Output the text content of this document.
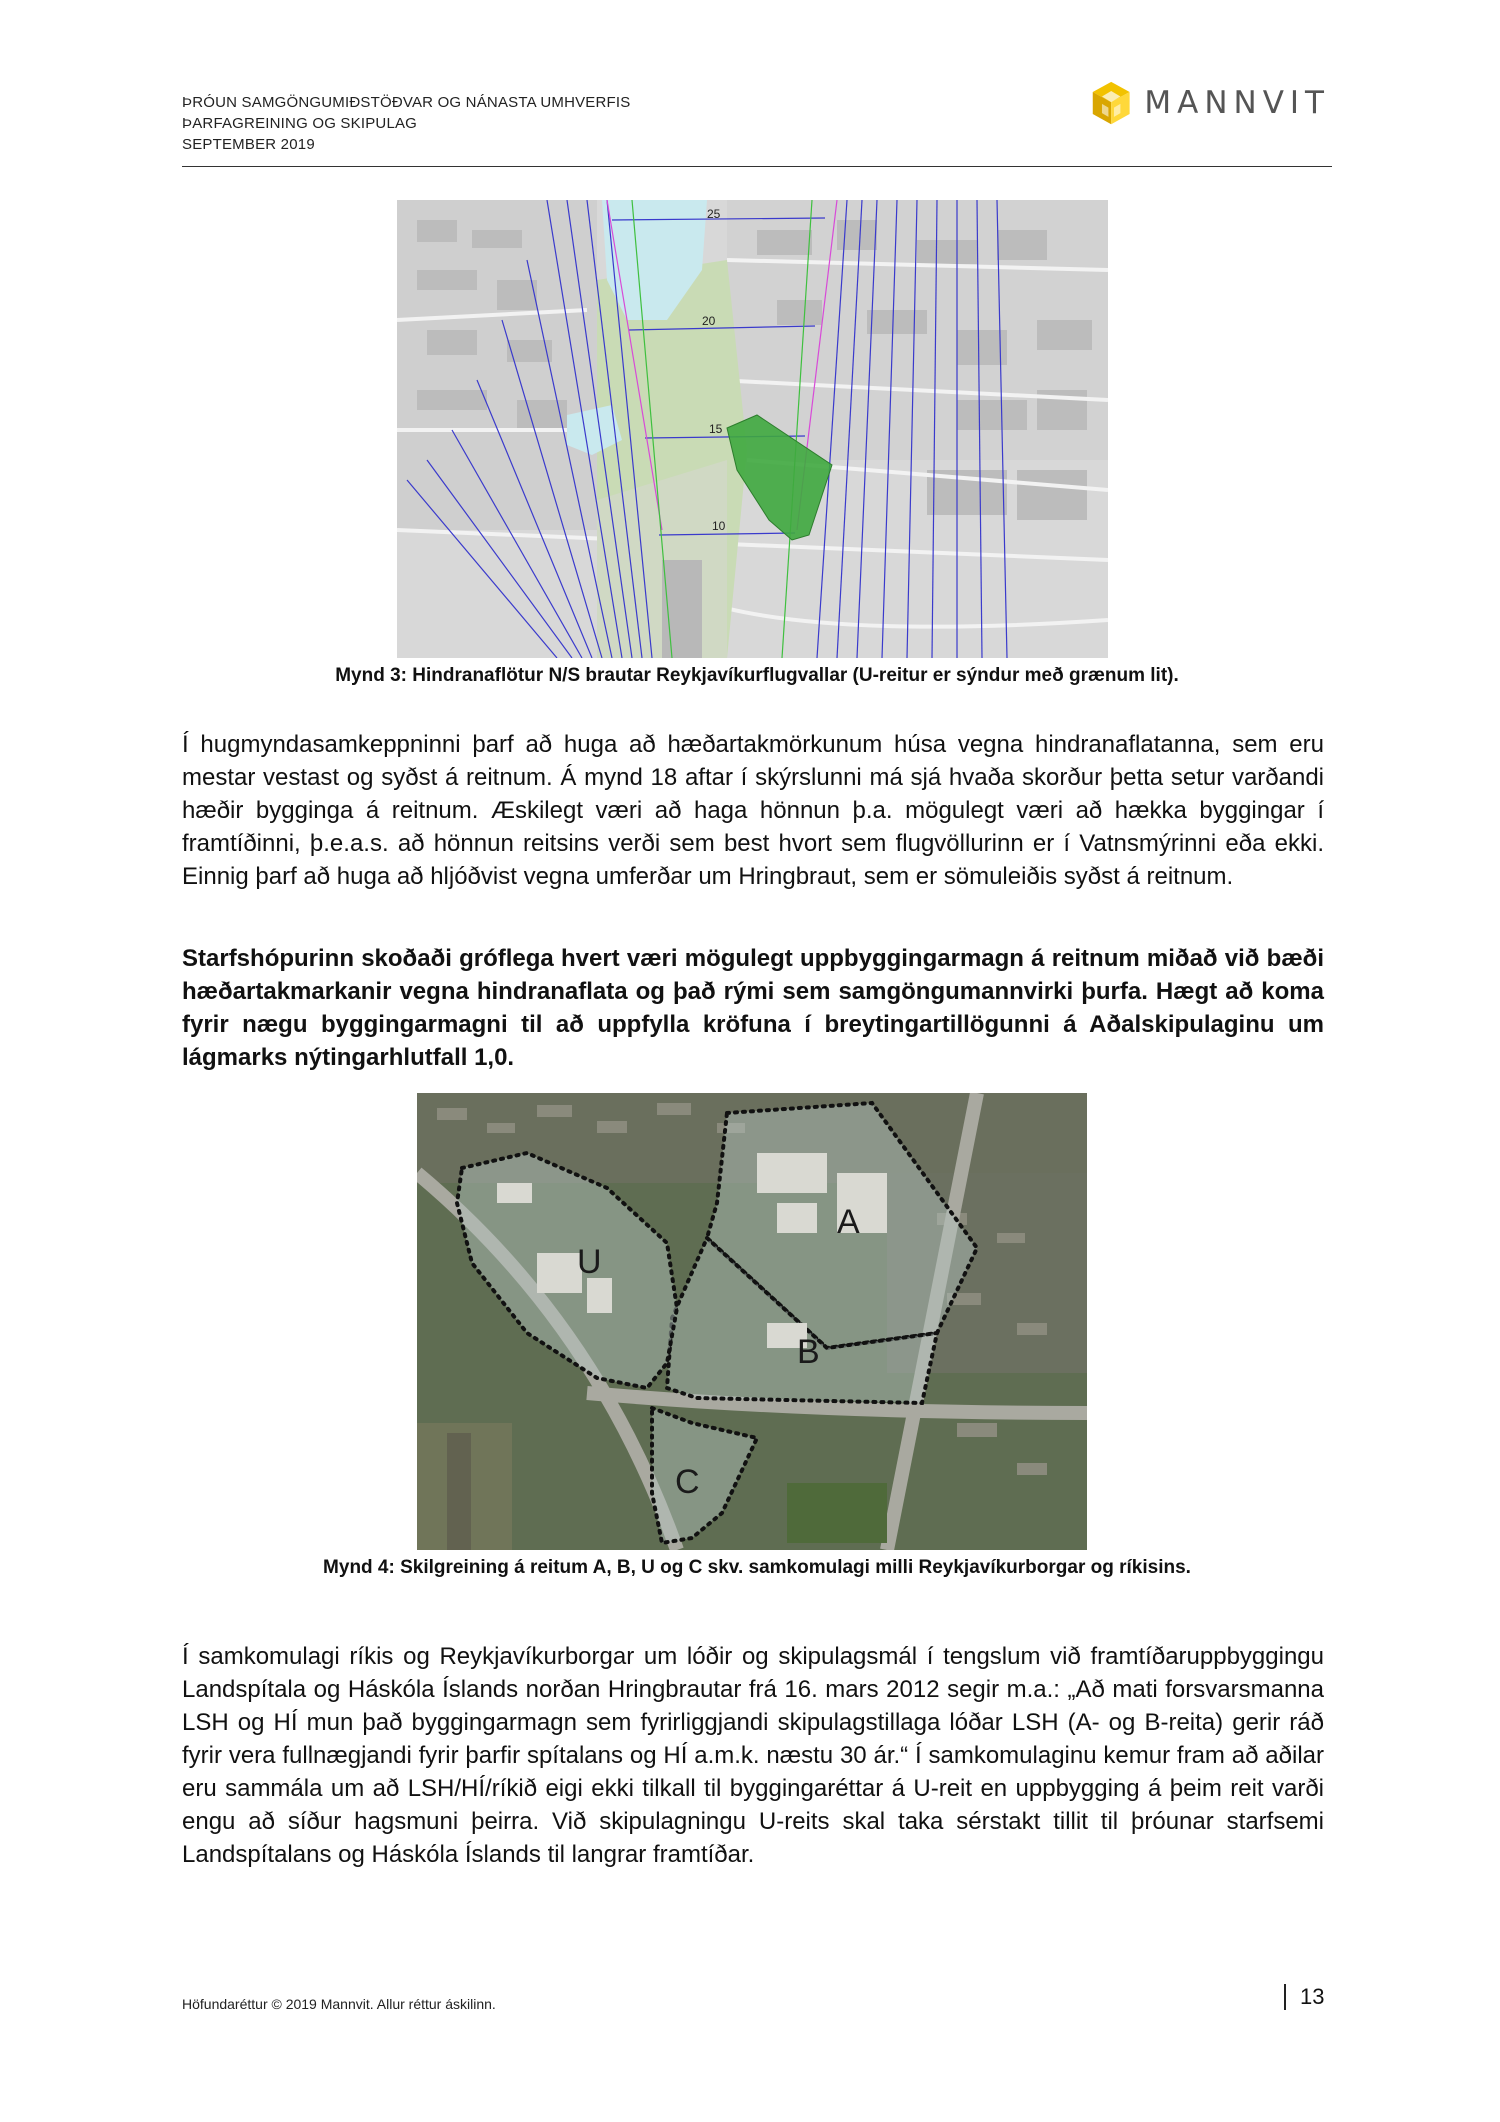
ÞRÓUN SAMGÖNGUMIÐSTÖÐVAR OG NÁNASTA UMHVERFIS
ÞARFAGREINING OG SKIPULAG
SEPTEMBER 2019
MANNVIT
25
20
15
10
Mynd 3: Hindranaflötur N/S brautar Reykjavíkurflugvallar (U-reitur er sýndur með grænum lit).

Í hugmyndasamkeppninni þarf að huga að hæðartakmörkunum húsa vegna hindranaflatanna, sem eru mestar vestast og syðst á reitnum. Á mynd 18 aftar í skýrslunni má sjá hvaða skorður þetta setur varðandi hæðir bygginga á reitnum. Æskilegt væri að haga hönnun þ.a. mögulegt væri að hækka byggingar í framtíðinni, þ.e.a.s. að hönnun reitsins verði sem best hvort sem flugvöllurinn er í Vatnsmýrinni eða ekki. Einnig þarf að huga að hljóðvist vegna umferðar um Hringbraut, sem er sömuleiðis syðst á reitnum.

Starfshópurinn skoðaði gróflega hvert væri mögulegt uppbyggingarmagn á reitnum miðað við bæði hæðartakmarkanir vegna hindranaflata og það rými sem samgöngumannvirki þurfa. Hægt að koma fyrir nægu byggingarmagni til að uppfylla kröfuna í breytingartillögunni á Aðalskipulaginu um lágmarks nýtingarhlutfall 1,0.

A
B
U
C
Mynd 4: Skilgreining á reitum A, B, U og C skv. samkomulagi milli Reykjavíkurborgar og ríkisins.

Í samkomulagi ríkis og Reykjavíkurborgar um lóðir og skipulagsmál í tengslum við framtíðaruppbyggingu Landspítala og Háskóla Íslands norðan Hringbrautar frá 16. mars 2012 segir m.a.: „Að mati forsvarsmanna LSH og HÍ mun það byggingarmagn sem fyrirliggjandi skipulagstillaga lóðar LSH (A- og B-reita) gerir ráð fyrir vera fullnægjandi fyrir þarfir spítalans og HÍ a.m.k. næstu 30 ár.“ Í samkomulaginu kemur fram að aðilar eru sammála um að LSH/HÍ/ríkið eigi ekki tilkall til byggingaréttar á U-reit en uppbygging á þeim reit varði engu að síður hagsmuni þeirra. Við skipulagningu U-reits skal taka sérstakt tillit til þróunar starfsemi Landspítalans og Háskóla Íslands til langrar framtíðar.

Höfundaréttur © 2019 Mannvit. Allur réttur áskilinn.	13
